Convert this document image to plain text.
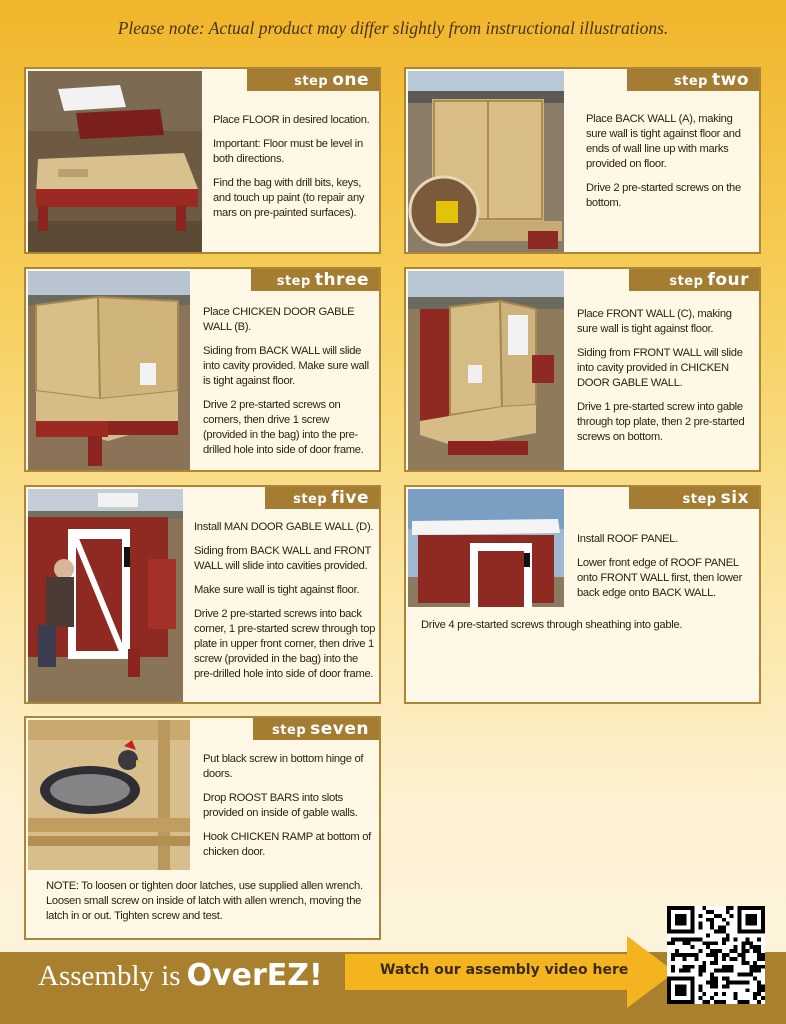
Please note: Actual product may differ slightly from instructional illustrations.
step one

Place FLOOR in desired location.

Important: Floor must be level in both directions.

Find the bag with drill bits, keys, and touch up paint (to repair any mars on pre-painted surfaces).

step two

Place BACK WALL (A), making sure wall is tight against floor and ends of wall line up with marks provided on floor.

Drive 2 pre-started screws on the bottom.

step three

Place CHICKEN DOOR GABLE WALL (B).

Siding from BACK WALL will slide into cavity provided. Make sure wall is tight against floor.

Drive 2 pre-started screws on corners, then drive 1 screw (provided in the bag) into the pre-drilled hole into side of door frame.

step four

Place FRONT WALL (C), making sure wall is tight against floor.

Siding from FRONT WALL will slide into cavity provided in CHICKEN DOOR GABLE WALL.

Drive 1 pre-started screw into gable through top plate, then 2 pre-started screws on bottom.

step five

Install MAN DOOR GABLE WALL (D).

Siding from BACK WALL and FRONT WALL will slide into cavities provided.

Make sure wall is tight against floor.

Drive 2 pre-started screws into back corner, 1 pre-started screw through top plate in upper front corner, then drive 1 screw (provided in the bag) into the pre-drilled hole into side of door frame.

step six

Install ROOF PANEL.

Lower front edge of ROOF PANEL onto FRONT WALL first, then lower back edge onto BACK WALL.

Drive 4 pre-started screws through sheathing into gable.

step seven

Put black screw in bottom hinge of doors.

Drop ROOST BARS into slots provided on inside of gable walls.

Hook CHICKEN RAMP at bottom of chicken door.

NOTE: To loosen or tighten door latches, use supplied allen wrench. Loosen small screw on inside of latch with allen wrench, moving the latch in or out. Tighten screw and test.

Assembly is OverEZ!	Watch our assembly video here
